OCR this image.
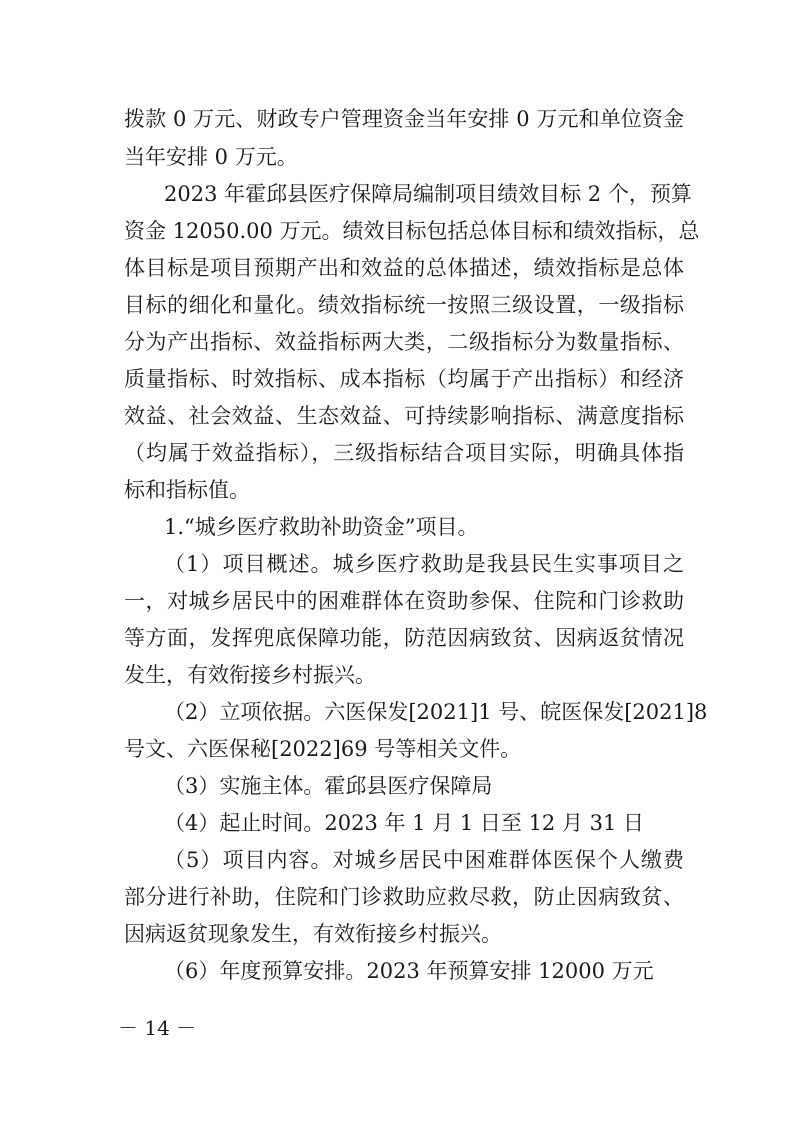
拨款 0 万元、财政专户管理资金当年安排 0 万元和单位资金
当年安排 0 万元。
2023 年霍邱县医疗保障局编制项目绩效目标 2 个，预算
资金 12050.00 万元。绩效目标包括总体目标和绩效指标，总
体目标是项目预期产出和效益的总体描述，绩效指标是总体
目标的细化和量化。绩效指标统一按照三级设置，一级指标
分为产出指标、效益指标两大类，二级指标分为数量指标、
质量指标、时效指标、成本指标（均属于产出指标）和经济
效益、社会效益、生态效益、可持续影响指标、满意度指标
（均属于效益指标），三级指标结合项目实际，明确具体指
标和指标值。
1.“城乡医疗救助补助资金”项目。
（1）项目概述。城乡医疗救助是我县民生实事项目之
一，对城乡居民中的困难群体在资助参保、住院和门诊救助
等方面，发挥兜底保障功能，防范因病致贫、因病返贫情况
发生，有效衔接乡村振兴。
（2）立项依据。六医保发[2021]1 号、皖医保发[2021]8
号文、六医保秘[2022]69 号等相关文件。
（3）实施主体。霍邱县医疗保障局
（4）起止时间。2023 年 1 月 1 日至 12 月 31 日
（5）项目内容。对城乡居民中困难群体医保个人缴费
部分进行补助，住院和门诊救助应救尽救，防止因病致贫、
因病返贫现象发生，有效衔接乡村振兴。
（6）年度预算安排。2023 年预算安排 12000 万元
－ 14 －
